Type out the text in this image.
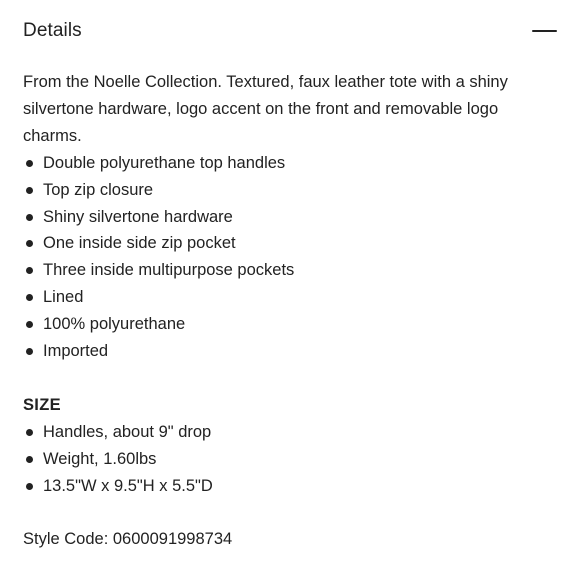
Details

From the Noelle Collection. Textured, faux leather tote with a shiny silvertone hardware, logo accent on the front and removable logo charms.

Double polyurethane top handles
Top zip closure
Shiny silvertone hardware
One inside side zip pocket
Three inside multipurpose pockets
Lined
100% polyurethane
Imported
SIZE
Handles, about 9" drop
Weight, 1.60lbs
13.5"W x 9.5"H x 5.5"D
Style Code: 0600091998734
